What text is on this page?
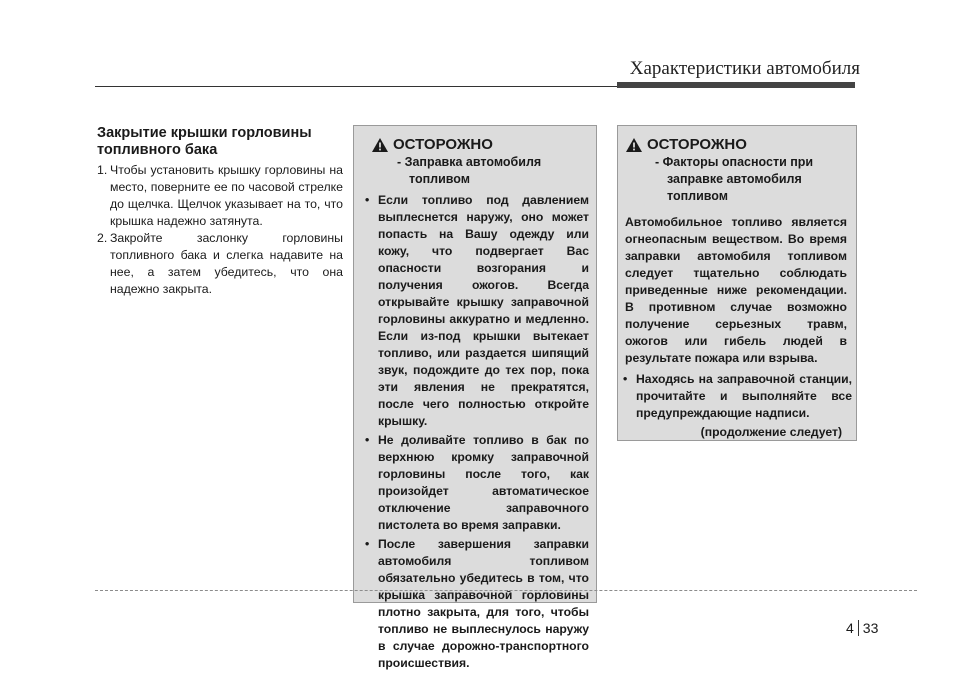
Характеристики автомобиля
Закрытие крышки горловины топливного бака
1. Чтобы установить крышку горловины на место, поверните ее по часовой стрелке до щелчка. Щелчок указывает на то, что крышка надежно затянута.
2. Закройте заслонку горловины топливного бака и слегка надавите на нее, а затем убедитесь, что она надежно закрыта.
ОСТОРОЖНО
- Заправка автомобиля топливом
• Если топливо под давлением выплеснется наружу, оно может попасть на Вашу одежду или кожу, что подвергает Вас опасности возгорания и получения ожогов. Всегда открывайте крышку заправочной горловины аккуратно и медленно. Если из-под крышки вытекает топливо, или раздается шипящий звук, подождите до тех пор, пока эти явления не прекратятся, после чего полностью откройте крышку.
• Не доливайте топливо в бак по верхнюю кромку заправочной горловины после того, как произойдет автоматическое отключение заправочного пистолета во время заправки.
• После завершения заправки автомобиля топливом обязательно убедитесь в том, что крышка заправочной горловины плотно закрыта, для того, чтобы топливо не выплеснулось наружу в случае дорожно-транспортного происшествия.
ОСТОРОЖНО
- Факторы опасности при заправке автомобиля топливом
Автомобильное топливо является огнеопасным веществом. Во время заправки автомобиля топливом следует тщательно соблюдать приведенные ниже рекомендации. В противном случае возможно получение серьезных травм, ожогов или гибель людей в результате пожара или взрыва.
• Находясь на заправочной станции, прочитайте и выполняйте все предупреждающие надписи.
(продолжение следует)
4 33
